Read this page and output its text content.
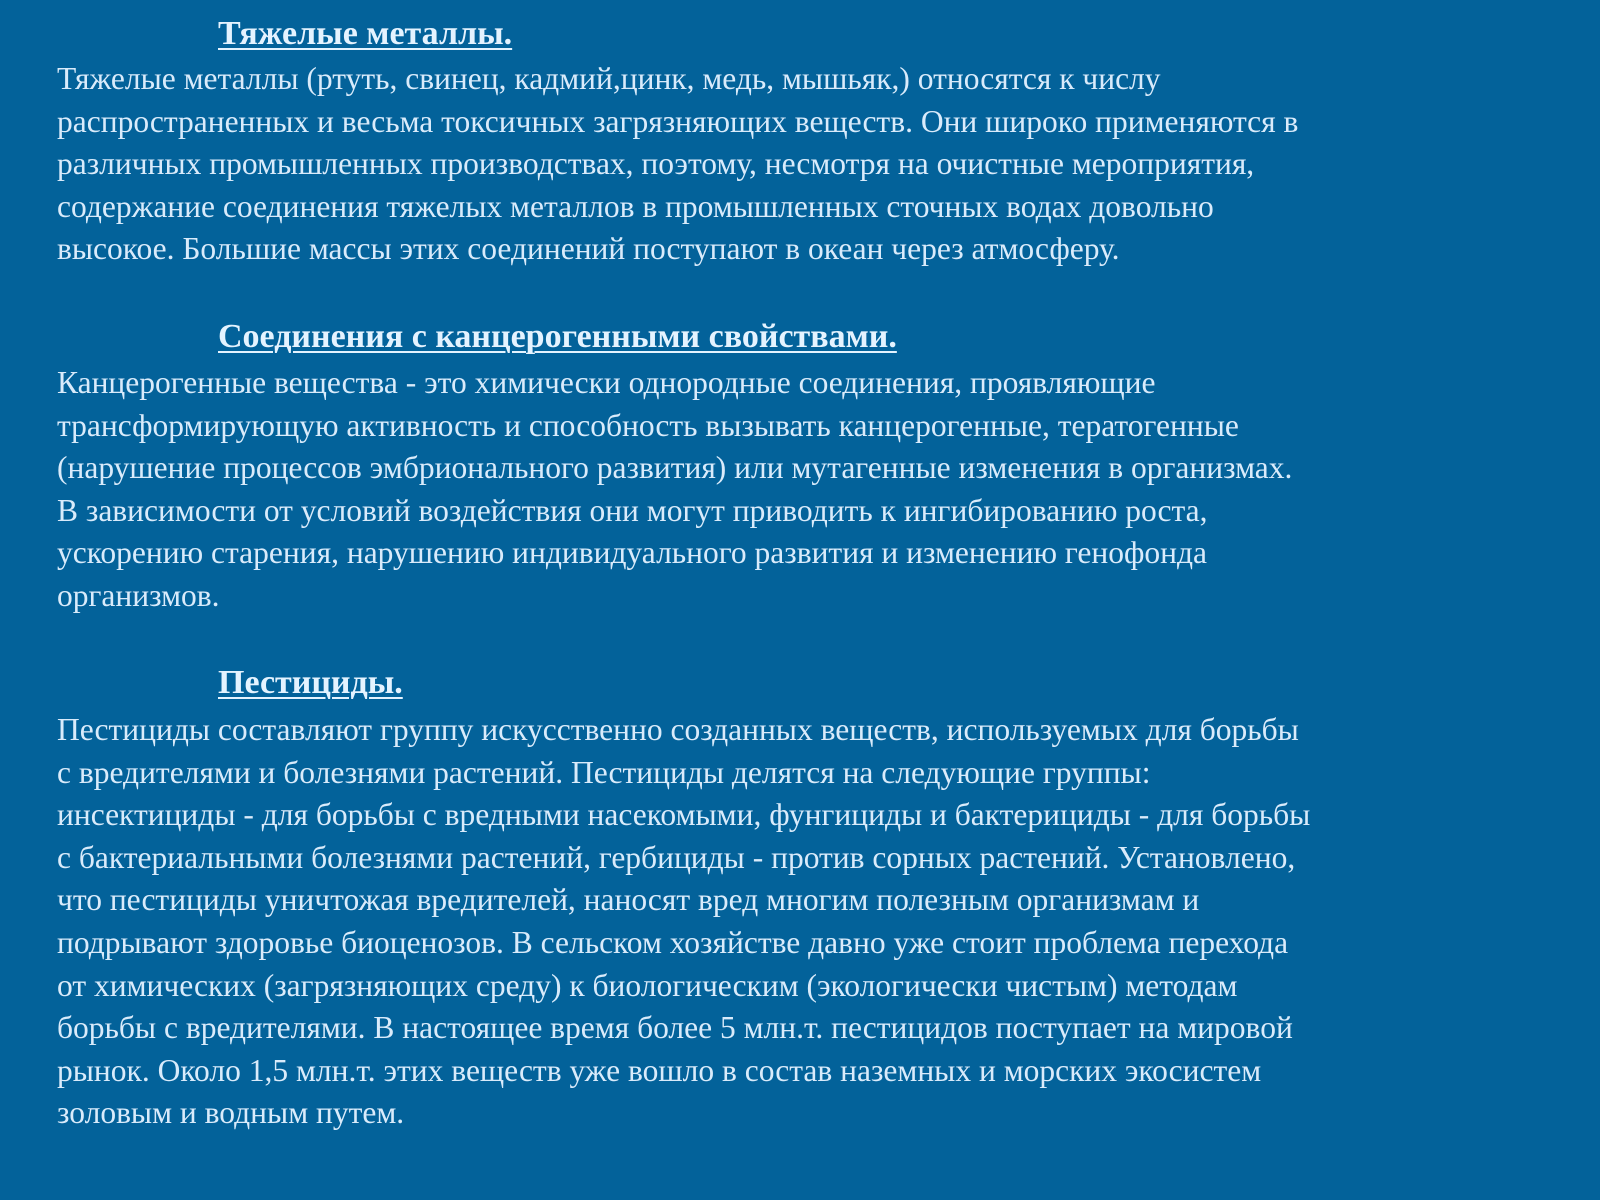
Тяжелые металлы.

Тяжелые металлы (ртуть, свинец, кадмий,цинк, медь, мышьяк,) относятся к числу
распространенных и весьма токсичных загрязняющих веществ. Они широко применяются в
различных промышленных производствах, поэтому, несмотря на очистные мероприятия,
содержание соединения тяжелых металлов в промышленных сточных водах довольно
высокое. Большие массы этих соединений поступают в океан через атмосферу.

Соединения с канцерогенными свойствами.

Канцерогенные вещества - это химически однородные соединения, проявляющие
трансформирующую активность и способность вызывать канцерогенные, тератогенные
(нарушение процессов эмбрионального развития) или мутагенные изменения в организмах.
В зависимости от условий воздействия они могут приводить к ингибированию роста,
ускорению старения, нарушению индивидуального развития и изменению генофонда
организмов.

Пестициды.

Пестициды составляют группу искусственно созданных веществ, используемых для борьбы
с вредителями и болезнями растений. Пестициды делятся на следующие группы:
инсектициды - для борьбы с вредными насекомыми, фунгициды и бактерициды - для борьбы
с бактериальными болезнями растений, гербициды - против сорных растений. Установлено,
что пестициды уничтожая вредителей, наносят вред многим полезным организмам и
подрывают здоровье биоценозов. В сельском хозяйстве давно уже стоит проблема перехода
от химических (загрязняющих среду) к биологическим (экологически чистым) методам
борьбы с вредителями. В настоящее время более 5 млн.т. пестицидов поступает на мировой
рынок. Около 1,5 млн.т. этих веществ уже вошло в состав наземных и морских экосистем
золовым и водным путем.
